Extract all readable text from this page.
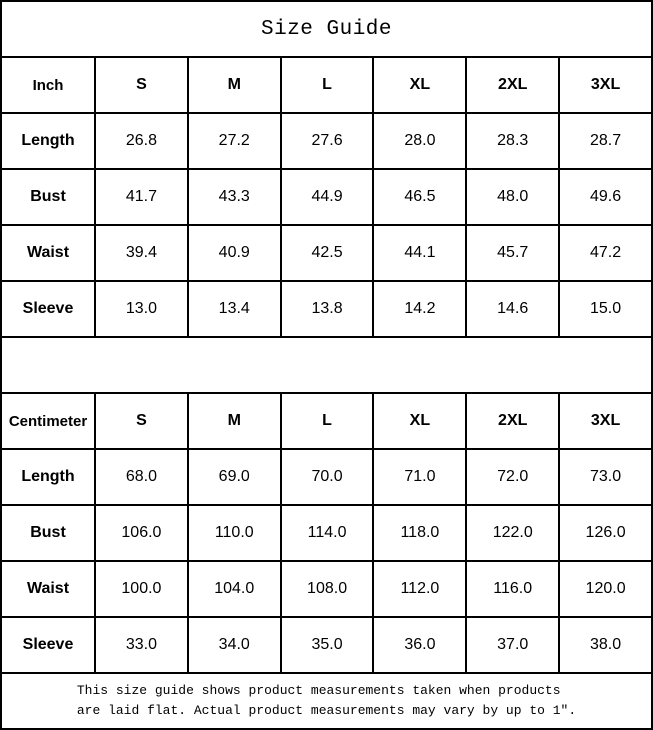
Size Guide						
Inch	S	M	L	XL	2XL	3XL
Length	26.8	27.2	27.6	28.0	28.3	28.7
Bust	41.7	43.3	44.9	46.5	48.0	49.6
Waist	39.4	40.9	42.5	44.1	45.7	47.2
Sleeve	13.0	13.4	13.8	14.2	14.6	15.0

Centimeter	S	M	L	XL	2XL	3XL
Length	68.0	69.0	70.0	71.0	72.0	73.0
Bust	106.0	110.0	114.0	118.0	122.0	126.0
Waist	100.0	104.0	108.0	112.0	116.0	120.0
Sleeve	33.0	34.0	35.0	36.0	37.0	38.0

This size guide shows product measurements taken when products
are laid flat. Actual product measurements may vary by up to 1″.						
